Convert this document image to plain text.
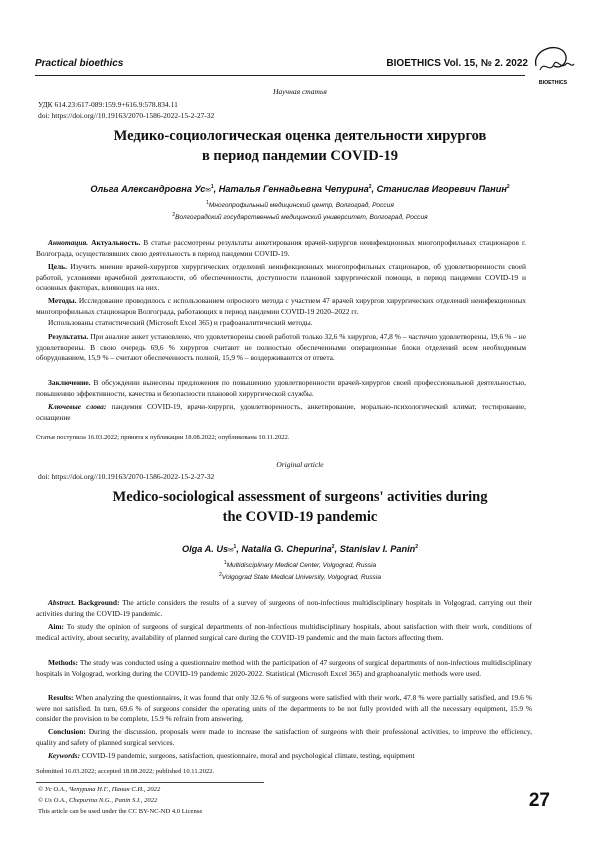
Practical bioethics	BIOETHICS Vol. 15, № 2. 2022
BIOETHICS
Научная статья
УДК 614.23:617-089:159.9+616.9:578.834.11
doi: https://doi.org//10.19163/2070-1586-2022-15-2-27-32
Медико-социологическая оценка деятельности хирургов
в период пандемии COVID-19
Ольга Александровна Ус✉$^1$, Наталья Геннадьевна Чепурина$^2$, Станислав Игоревич Панин$^2$
$^1$Многопрофильный медицинский центр, Волгоград, Россия
$^2$Волгоградский государственный медицинский университет, Волгоград, Россия
Аннотация. Актуальность. В статье рассмотрены результаты анкетирования врачей-хирургов неинфекционных многопрофильных стационаров г. Волгограда, осуществлявших свою деятельность в период пандемии COVID-19.
Цель. Изучить мнение врачей-хирургов хирургических отделений неинфекционных многопрофильных стационаров, об удовлетворенности своей работой, условиями врачебной деятельности, об обеспеченности, доступности плановой хирургической помощи, в период пандемии COVID-19 и основных факторах, влияющих на них.
Методы. Исследование проводилось с использованием опросного метода с участием 47 врачей хирургов хирургических отделений неинфекционных многопрофильных стационаров Волгограда, работающих в период пандемии COVID-19 2020–2022 гг.
Использованы статистический (Microsoft Excel 365) и графоаналитический методы.
Результаты. При анализе анкет установлено, что удовлетворены своей работой только 32,6 % хирургов, 47,8 % – частично удовлетворены, 19,6 % – не удовлетворены. В свою очередь 69,6 % хирургов считают не полностью обеспеченными операционные блоки отделений всем необходимым оборудованием, 15,9 % – считают обеспеченность полной, 15,9 % – воздерживаются от ответа.
Заключение. В обсуждении вынесены предложения по повышению удовлетворенности врачей-хирургов своей профессиональной деятельностью, повышению эффективности, качества и безопасности плановой хирургической службы.
Ключевые слова: пандемия COVID-19, врачи-хирурги, удовлетворенность, анкетирование, морально-психологический климат, тестирование, оснащение
Статья поступила 16.03.2022; принята к публикации 18.08.2022; опубликована 10.11.2022.
Original article
doi: https://doi.org//10.19163/2070-1586-2022-15-2-27-32
Medico-sociological assessment of surgeons' activities during
the COVID-19 pandemic
Olga A. Us✉$^1$, Natalia G. Chepurina$^2$, Stanislav I. Panin$^2$
$^1$Multidisciplinary Medical Center, Volgograd, Russia
$^2$Volgograd State Medical University, Volgograd, Russia
Abstract. Background: The article considers the results of a survey of surgeons of non-infectious multidisciplinary hospitals in Volgograd, carrying out their activities during the COVID-19 pandemic.
Aim: To study the opinion of surgeons of surgical departments of non-infectious multidisciplinary hospitals, about satisfaction with their work, conditions of medical activity, about security, availability of planned surgical care during the COVID-19 pandemic and the main factors affecting them.
Methods: The study was conducted using a questionnaire method with the participation of 47 surgeons of surgical departments of non-infectious multidisciplinary hospitals in Volgograd, working during the COVID-19 pandemic 2020-2022. Statistical (Microsoft Excel 365) and graphoanalytic methods were used.
Results: When analyzing the questionnaires, it was found that only 32.6 % of surgeons were satisfied with their work, 47.8 % were partially satisfied, and 19.6 % were not satisfied. In turn, 69.6 % of surgeons consider the operating units of the departments to be not fully provided with all the necessary equipment, 15.9 % consider the provision to be complete, 15.9 % refrain from answering.
Conclusion: During the discussion, proposals were made to increase the satisfaction of surgeons with their professional activities, to improve the efficiency, quality and safety of planned surgical services.
Keywords: COVID-19 pandemic, surgeons, satisfaction, questionnaire, moral and psychological climate, testing, equipment
Submitted 16.03.2022; accepted 18.08.2022; published 10.11.2022.
© Ус О.А., Чепурина Н.Г., Панин С.И., 2022
© Us O.A., Chepurina N.G., Panin S.I., 2022
This article can be used under the CC BY-NC-ND 4.0 License
27
